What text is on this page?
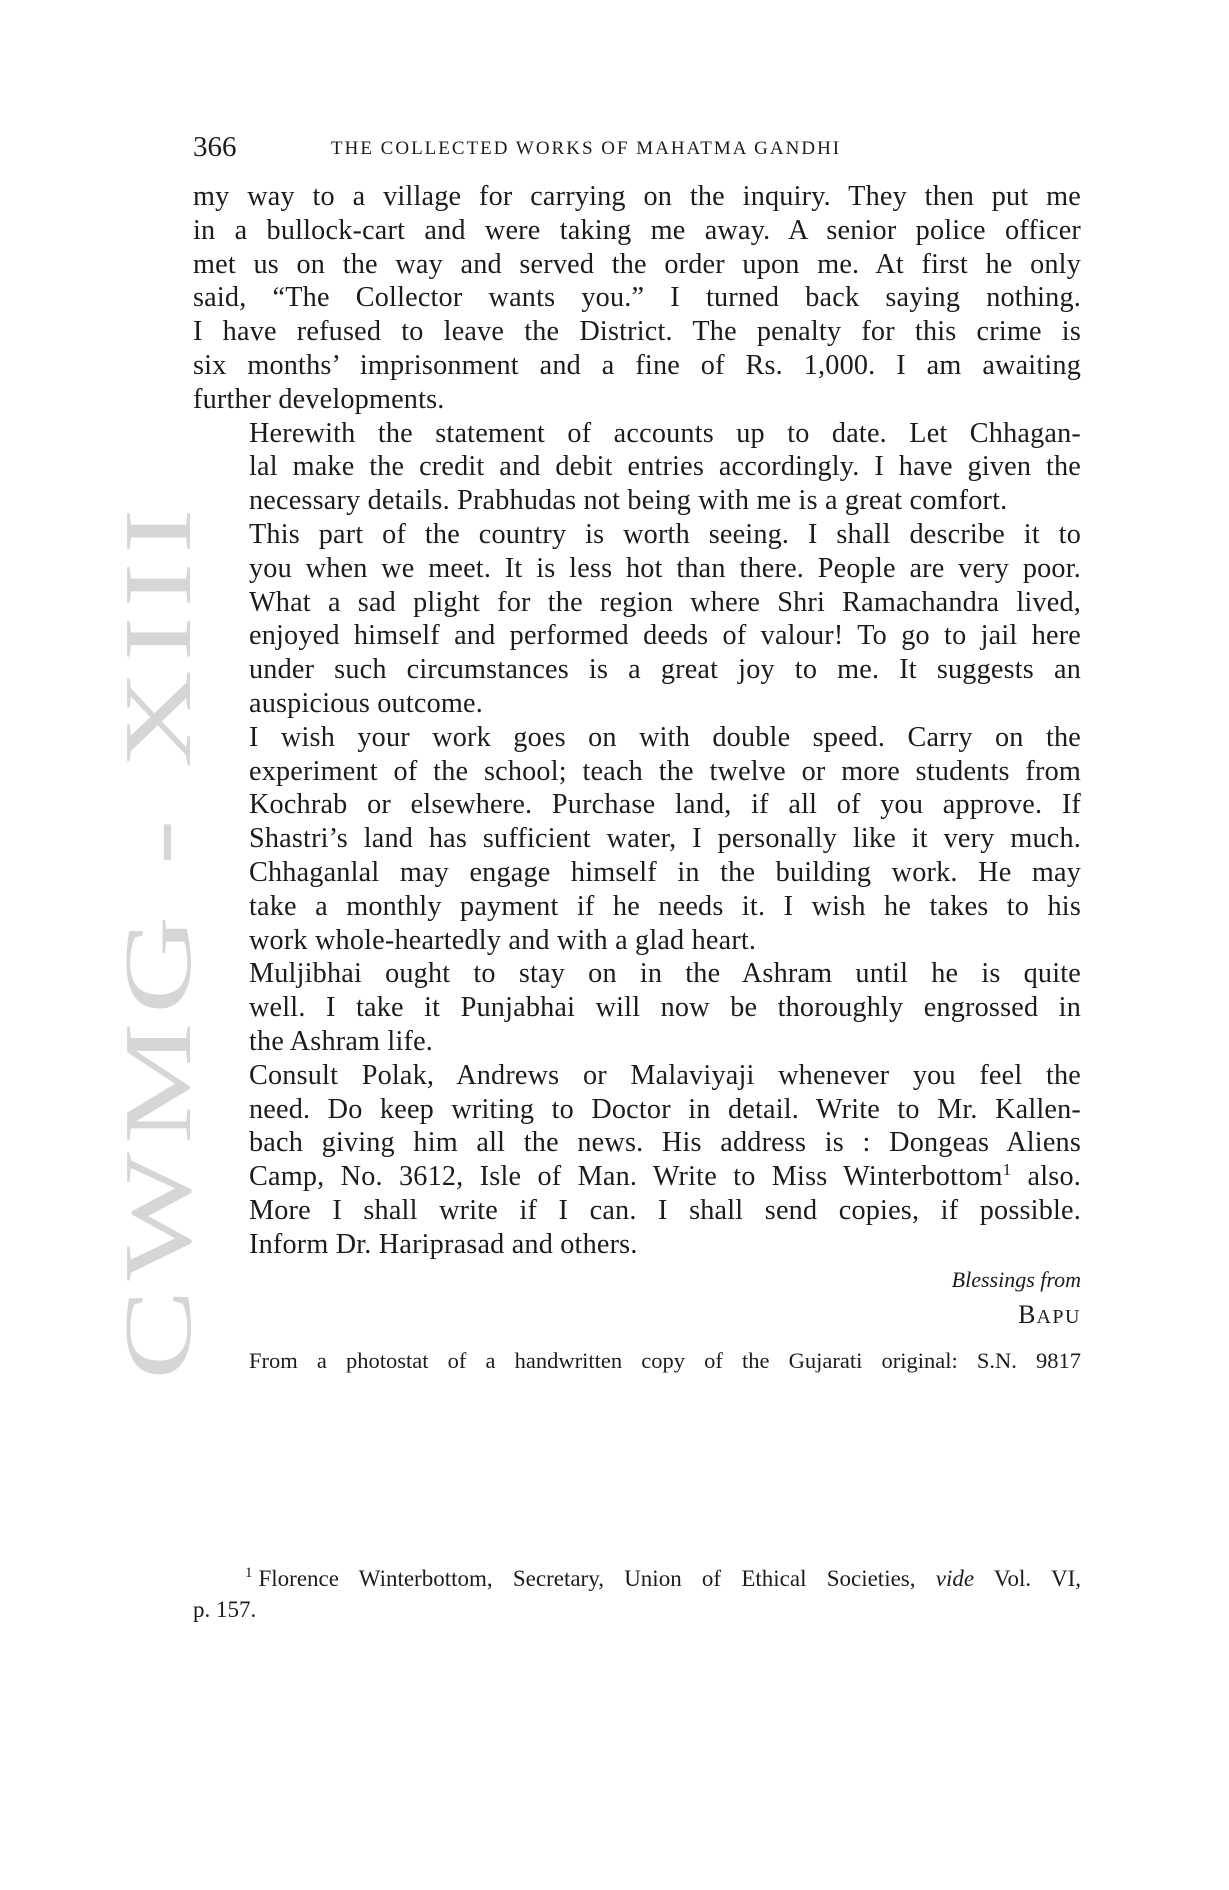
CWMG - XIII
366	THE COLLECTED WORKS OF MAHATMA GANDHI
my way to a village for carrying on the inquiry. They then put me
in a bullock-cart and were taking me away. A senior police officer
met us on the way and served the order upon me. At first he only
said, “The Collector wants you.” I turned back saying nothing.
I have refused to leave the District. The penalty for this crime is
six months’ imprisonment and a fine of Rs. 1,000. I am awaiting
further developments.
Herewith the statement of accounts up to date. Let Chhagan-
lal make the credit and debit entries accordingly. I have given the
necessary details. Prabhudas not being with me is a great comfort.
This part of the country is worth seeing. I shall describe it to
you when we meet. It is less hot than there. People are very poor.
What a sad plight for the region where Shri Ramachandra lived,
enjoyed himself and performed deeds of valour! To go to jail here
under such circumstances is a great joy to me. It suggests an
auspicious outcome.
I wish your work goes on with double speed. Carry on the
experiment of the school; teach the twelve or more students from
Kochrab or elsewhere. Purchase land, if all of you approve. If
Shastri’s land has sufficient water, I personally like it very much.
Chhaganlal may engage himself in the building work. He may
take a monthly payment if he needs it. I wish he takes to his
work whole-heartedly and with a glad heart.
Muljibhai ought to stay on in the Ashram until he is quite
well. I take it Punjabhai will now be thoroughly engrossed in
the Ashram life.
Consult Polak, Andrews or Malaviyaji whenever you feel the
need. Do keep writing to Doctor in detail. Write to Mr. Kallen-
bach giving him all the news. His address is : Dongeas Aliens
Camp, No. 3612, Isle of Man. Write to Miss Winterbottom$^1$ also.
More I shall write if I can. I shall send copies, if possible.
Inform Dr. Hariprasad and others.
Blessings from
BAPU
From a photostat of a handwritten copy of the Gujarati original: S.N. 9817
$^1$ Florence Winterbottom, Secretary, Union of Ethical Societies, vide Vol. VI,
p. 157.
